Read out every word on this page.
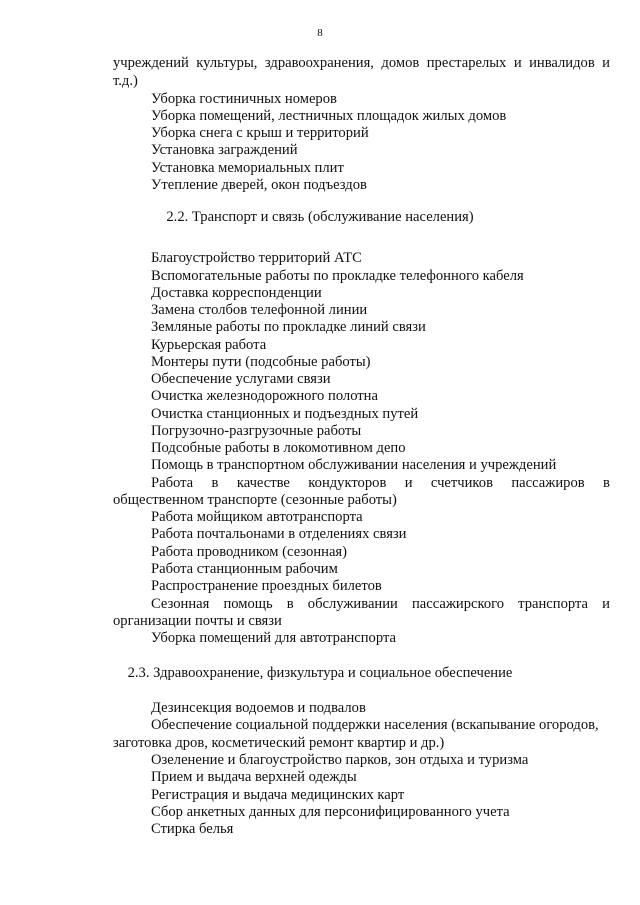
8
учреждений культуры, здравоохранения, домов престарелых и инвалидов и
т.д.)
Уборка гостиничных номеров
Уборка помещений, лестничных площадок жилых домов
Уборка снега с крыш и территорий
Установка заграждений
Установка мемориальных плит
Утепление дверей, окон подъездов
2.2. Транспорт и связь (обслуживание населения)
Благоустройство территорий АТС
Вспомогательные работы по прокладке телефонного кабеля
Доставка корреспонденции
Замена столбов телефонной линии
Земляные работы по прокладке линий связи
Курьерская работа
Монтеры пути (подсобные работы)
Обеспечение услугами связи
Очистка железнодорожного полотна
Очистка станционных и подъездных путей
Погрузочно-разгрузочные работы
Подсобные работы в локомотивном депо
Помощь в транспортном обслуживании населения и учреждений
Работа в качестве кондукторов и счетчиков пассажиров в
общественном транспорте (сезонные работы)
Работа мойщиком автотранспорта
Работа почтальонами в отделениях связи
Работа проводником (сезонная)
Работа станционным рабочим
Распространение проездных билетов
Сезонная помощь в обслуживании пассажирского транспорта и
организации почты и связи
Уборка помещений для автотранспорта
2.3. Здравоохранение, физкультура и социальное обеспечение
Дезинсекция водоемов и подвалов
Обеспечение социальной поддержки населения (вскапывание огородов,
заготовка дров, косметический ремонт квартир и др.)
Озеленение и благоустройство парков, зон отдыха и туризма
Прием и выдача верхней одежды
Регистрация и выдача медицинских карт
Сбор анкетных данных для персонифицированного учета
Стирка белья
